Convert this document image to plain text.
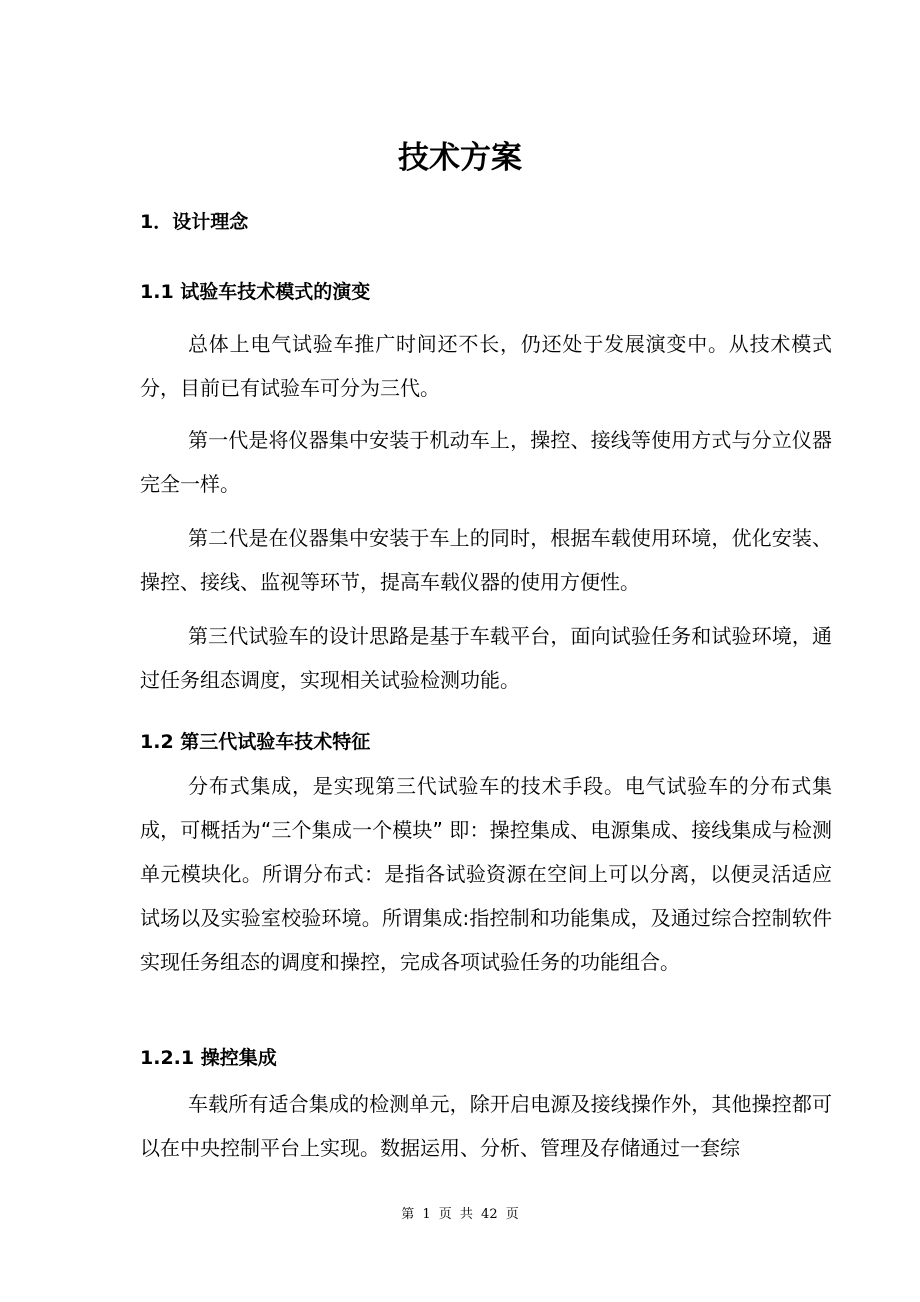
技术方案
1．设计理念
1.1 试验车技术模式的演变

总体上电气试验车推广时间还不长，仍还处于发展演变中。从技术模式分，目前已有试验车可分为三代。

第一代是将仪器集中安装于机动车上，操控、接线等使用方式与分立仪器完全一样。

第二代是在仪器集中安装于车上的同时，根据车载使用环境，优化安装、操控、接线、监视等环节，提高车载仪器的使用方便性。

第三代试验车的设计思路是基于车载平台，面向试验任务和试验环境，通过任务组态调度，实现相关试验检测功能。

1.2 第三代试验车技术特征

分布式集成，是实现第三代试验车的技术手段。电气试验车的分布式集成，可概括为“三个集成一个模块” 即：操控集成、电源集成、接线集成与检测单元模块化。所谓分布式：是指各试验资源在空间上可以分离，以便灵活适应试场以及实验室校验环境。所谓集成:指控制和功能集成，及通过综合控制软件实现任务组态的调度和操控，完成各项试验任务的功能组合。

1.2.1 操控集成

车载所有适合集成的检测单元，除开启电源及接线操作外，其他操控都可以在中央控制平台上实现。数据运用、分析、管理及存储通过一套综

第 1 页 共 42 页
